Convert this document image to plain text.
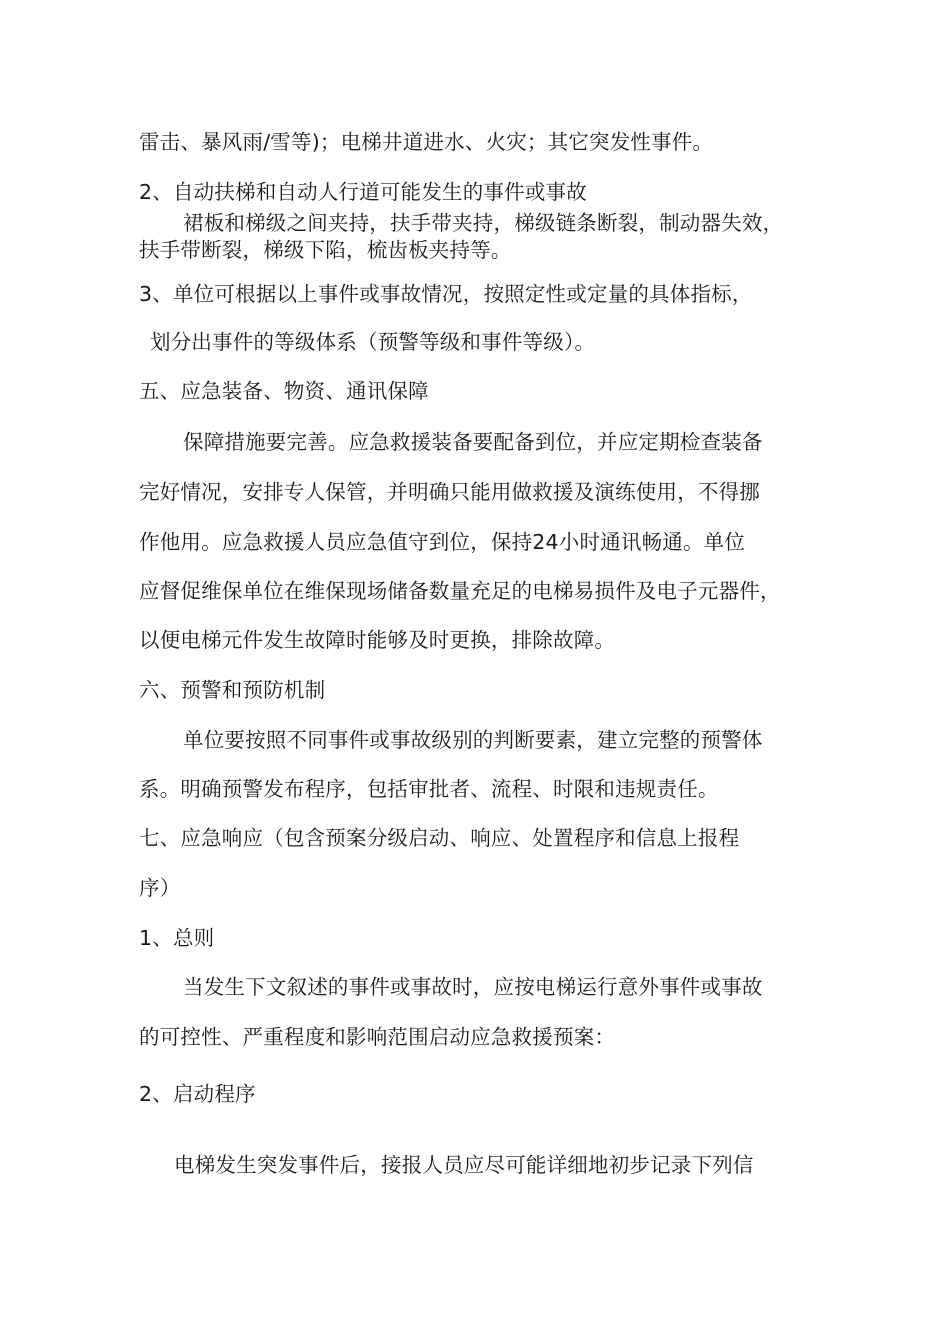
雷击、暴风雨/雪等)；电梯井道进水、火灾；其它突发性事件。
2、自动扶梯和自动人行道可能发生的事件或事故
裙板和梯级之间夹持，扶手带夹持，梯级链条断裂，制动器失效，
扶手带断裂，梯级下陷，梳齿板夹持等。
3、单位可根据以上事件或事故情况，按照定性或定量的具体指标，
划分出事件的等级体系（预警等级和事件等级）。
五、应急装备、物资、通讯保障
保障措施要完善。应急救援装备要配备到位，并应定期检查装备
完好情况，安排专人保管，并明确只能用做救援及演练使用，不得挪
作他用。应急救援人员应急值守到位，保持24小时通讯畅通。单位
应督促维保单位在维保现场储备数量充足的电梯易损件及电子元器件，
以便电梯元件发生故障时能够及时更换，排除故障。
六、预警和预防机制
单位要按照不同事件或事故级别的判断要素，建立完整的预警体
系。明确预警发布程序，包括审批者、流程、时限和违规责任。
七、应急响应（包含预案分级启动、响应、处置程序和信息上报程
序）
1、总则
当发生下文叙述的事件或事故时，应按电梯运行意外事件或事故
的可控性、严重程度和影响范围启动应急救援预案：
2、启动程序
电梯发生突发事件后，接报人员应尽可能详细地初步记录下列信
